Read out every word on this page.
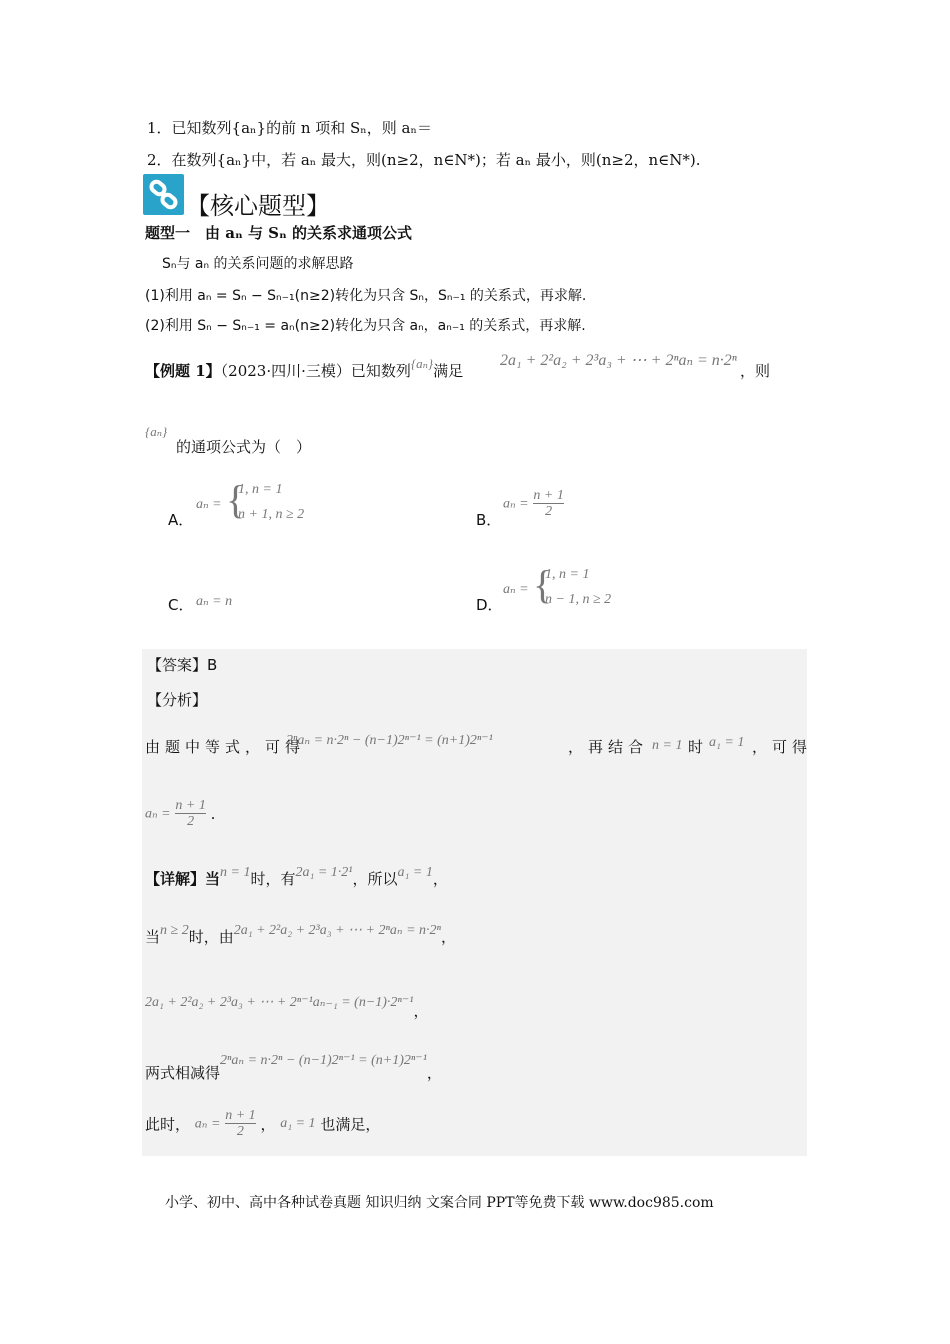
1．已知数列{aₙ}的前 n 项和 Sₙ，则 aₙ＝
2．在数列{aₙ}中，若 aₙ 最大，则(n≥2，n∈N*)；若 aₙ 最小，则(n≥2，n∈N*).
【核心题型】
题型一　由 aₙ 与 Sₙ 的关系求通项公式
Sₙ与 aₙ 的关系问题的求解思路
(1)利用 aₙ = Sₙ − Sₙ₋₁(n≥2)转化为只含 Sₙ，Sₙ₋₁ 的关系式，再求解.
(2)利用 Sₙ − Sₙ₋₁ = aₙ(n≥2)转化为只含 aₙ，aₙ₋₁ 的关系式，再求解.
【例题 1】（2023·四川·三模）已知数列{aₙ}满足
2a₁ + 2²a₂ + 2³a₃ + ⋯ + 2ⁿaₙ = n·2ⁿ
，则
{aₙ}
的通项公式为（　）
A．
aₙ = {
1, n = 1
n + 1, n ≥ 2	B．
$a_n = \frac{n + 1}{2}$
C． aₙ = n	D．
aₙ = {
1, n = 1
n − 1, n ≥ 2
【答案】B
【分析】
由题中等式，可得
2ⁿaₙ = n·2ⁿ − (n−1)2ⁿ⁻¹ = (n+1)2ⁿ⁻¹	，再结合 n = 1 时 a₁ = 1 ，可得
$a_n = \frac{n + 1}{2}$ .
【详解】当n = 1时，有2a₁ = 1·2¹，所以a₁ = 1，
当n ≥ 2时，由2a₁ + 2²a₂ + 2³a₃ + ⋯ + 2ⁿaₙ = n·2ⁿ，
2a₁ + 2²a₂ + 2³a₃ + ⋯ + 2ⁿ⁻¹aₙ₋₁ = (n−1)·2ⁿ⁻¹，
两式相减得2ⁿaₙ = n·2ⁿ − (n−1)2ⁿ⁻¹ = (n+1)2ⁿ⁻¹，
此时， $a_n = \frac{n + 1}{2}$ ， a₁ = 1 也满足，
小学、初中、高中各种试卷真题 知识归纳 文案合同 PPT等免费下载 www.doc985.com
